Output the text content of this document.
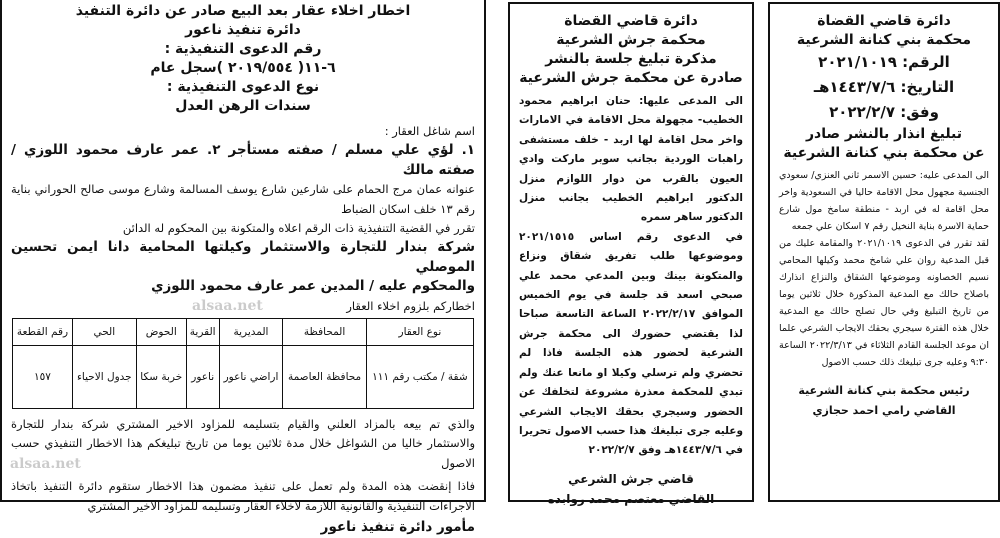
اخطار اخلاء عقار بعد البيع صادر عن دائرة التنفيذ
دائرة تنفيذ ناعور
رقم الدعوى التنفيذية :
٦-١١( ٢٠١٩/٥٥٤ )سجل عام
نوع الدعوى التنفيذية :
سندات الرهن العدل
اسم شاغل العقار :
١. لؤي علي مسلم / صفته مستأجر ٢. عمر عارف محمود اللوزي / صفته مالك
عنوانه عمان مرج الحمام على شارعين شارع يوسف المسالمة وشارع موسى صالح الحوراني بناية رقم ١٣ خلف اسكان الضباط
تقرر في القضية التنفيذية ذات الرقم اعلاه والمتكونة بين المحكوم له الدائن
شركة بندار للتجارة والاستثمار وكيلتها المحامية دانا ايمن تحسين الموصلي
والمحكوم عليه / المدين عمر عارف محمود اللوزي
اخطاركم بلزوم اخلاء العقار
نوع العقار	المحافظة	المديرية	القرية	الحوض	الحي	رقم القطعة
شقة / مكتب رقم ١١١	محافظة العاصمة	اراضي ناعور	ناعور	خربة سكا	جدول الاحياء	١٥٧
والذي تم بيعه بالمزاد العلني والقيام بتسليمه للمزاود الاخير المشتري شركة بندار للتجارة والاستثمار خاليا من الشواغل خلال مدة ثلاثين يوما من تاريخ تبليغكم هذا الاخطار التنفيذي حسب الاصول
فاذا إنقضت هذه المدة ولم تعمل على تنفيذ مضمون هذا الاخطار ستقوم دائرة التنفيذ باتخاذ الاجراءات التنفيذية والقانونية اللازمة لاخلاء العقار وتسليمه للمزاود الاخير المشتري
مأمور دائرة تنفيذ ناعور
alsaa.net
دائرة قاضي القضاة
محكمة جرش الشرعية
مذكرة تبليغ جلسة بالنشر
صادرة عن محكمة جرش الشرعية
الى المدعى عليها: حنان ابراهيم محمود الخطيب- مجهولة محل الاقامة في الامارات واخر محل اقامة لها اربد - خلف مستشفى راهبات الوردية بجانب سوبر ماركت وادي العيون بالقرب من دوار اللوازم منزل الدكتور ابراهيم الخطيب بجانب منزل الدكتور ساهر سمره
في الدعوى رقم اساس ٢٠٢١/١٥١٥ وموضوعها طلب تفريق شقاق ونزاع والمتكونة بينك وبين المدعي محمد علي صبحي اسعد قد جلسة في يوم الخميس الموافق ٢٠٢٢/٢/١٧ الساعة التاسعة صباحا لذا يقتضي حضورك الى محكمة جرش الشرعية لحضور هذه الجلسة فاذا لم تحضري ولم ترسلي وكيلا او مانعا عنك ولم تبدي للمحكمة معذرة مشروعة لتخلفك عن الحضور وسيجري بحقك الايجاب الشرعي وعليه جرى تبليغك هذا حسب الاصول تحريرا في ١٤٤٣/٧/٦هـ وفق ٢٠٢٢/٢/٧
قاضي جرش الشرعي
القاضي معتصم محمد روابده
دائرة قاضي القضاة
محكمة بني كنانة الشرعية
الرقم: ٢٠٢١/١٠١٩
التاريخ: ١٤٤٣/٧/٦هـ
وفق: ٢٠٢٢/٢/٧
تبليغ انذار بالنشر صادر
عن محكمة بني كنانة الشرعية
الى المدعى عليه: حسين الاسمر ثاني العنزي/ سعودي الجنسية مجهول محل الاقامة حاليا في السعودية واخر محل اقامة له في اربد - منطقة سامخ مول شارع حماية الاسرة بناية النخيل رقم ٧ اسكان علي جمعه
لقد تقرر في الدعوى ٢٠٢١/١٠١٩ والمقامة عليك من قبل المدعية روان علي شامخ محمد وكيلها المحامي نسيم الخصاونه وموضوعها الشقاق والنزاع انذارك باصلاح حالك مع المدعية المذكورة خلال ثلاثين يوما من تاريخ التبليغ وفي حال تصلح حالك مع المدعية خلال هذه الفترة سيجري بحقك الايجاب الشرعي علما ان موعد الجلسة القادم الثلاثاء في ٢٠٢٢/٣/١٣ الساعة ٩:٣٠ وعليه جرى تبليغك ذلك حسب الاصول
رئيس محكمة بني كنانة الشرعية
القاضي رامي احمد حجازي
alsaa.net
